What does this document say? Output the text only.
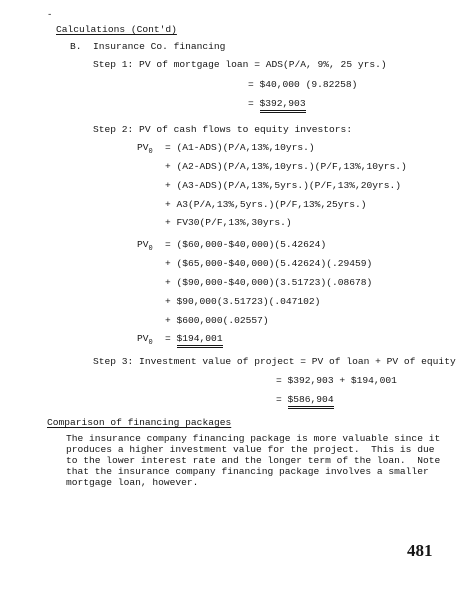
-
Calculations (Cont'd)
B.  Insurance Co. financing
Step 1: PV of mortgage loan = ADS(P/A, 9%, 25 yrs.)
= $40,000 (9.82258)
= $392,903
Step 2: PV of cash flows to equity investors:
$PV_0 = (A1-ADS)(P/A,13\%,10yrs.)$
+ (A2-ADS)(P/A,13%,10yrs.)(P/F,13%,10yrs.)
+ (A3-ADS)(P/A,13%,5yrs.)(P/F,13%,20yrs.)
+ A3(P/A,13%,5yrs.)(P/F,13%,25yrs.)
+ FV30(P/F,13%,30yrs.)
$PV_0$ = ($60,000-$40,000)(5.42624)
+ ($65,000-$40,000)(5.42624)(.29459)
+ ($90,000-$40,000)(3.51723)(.08678)
+ $90,000(3.51723)(.047102)
+ $600,000(.02557)
$PV_0$ = $194,001
Step 3: Investment value of project = PV of loan + PV of equity
= $392,903 + $194,001
= $586,904
Comparison of financing packages
The insurance company financing package is more valuable since it
produces a higher investment value for the project.  This is due
to the lower interest rate and the longer term of the loan.  Note
that the insurance company financing package involves a smaller
mortgage loan, however.
481
